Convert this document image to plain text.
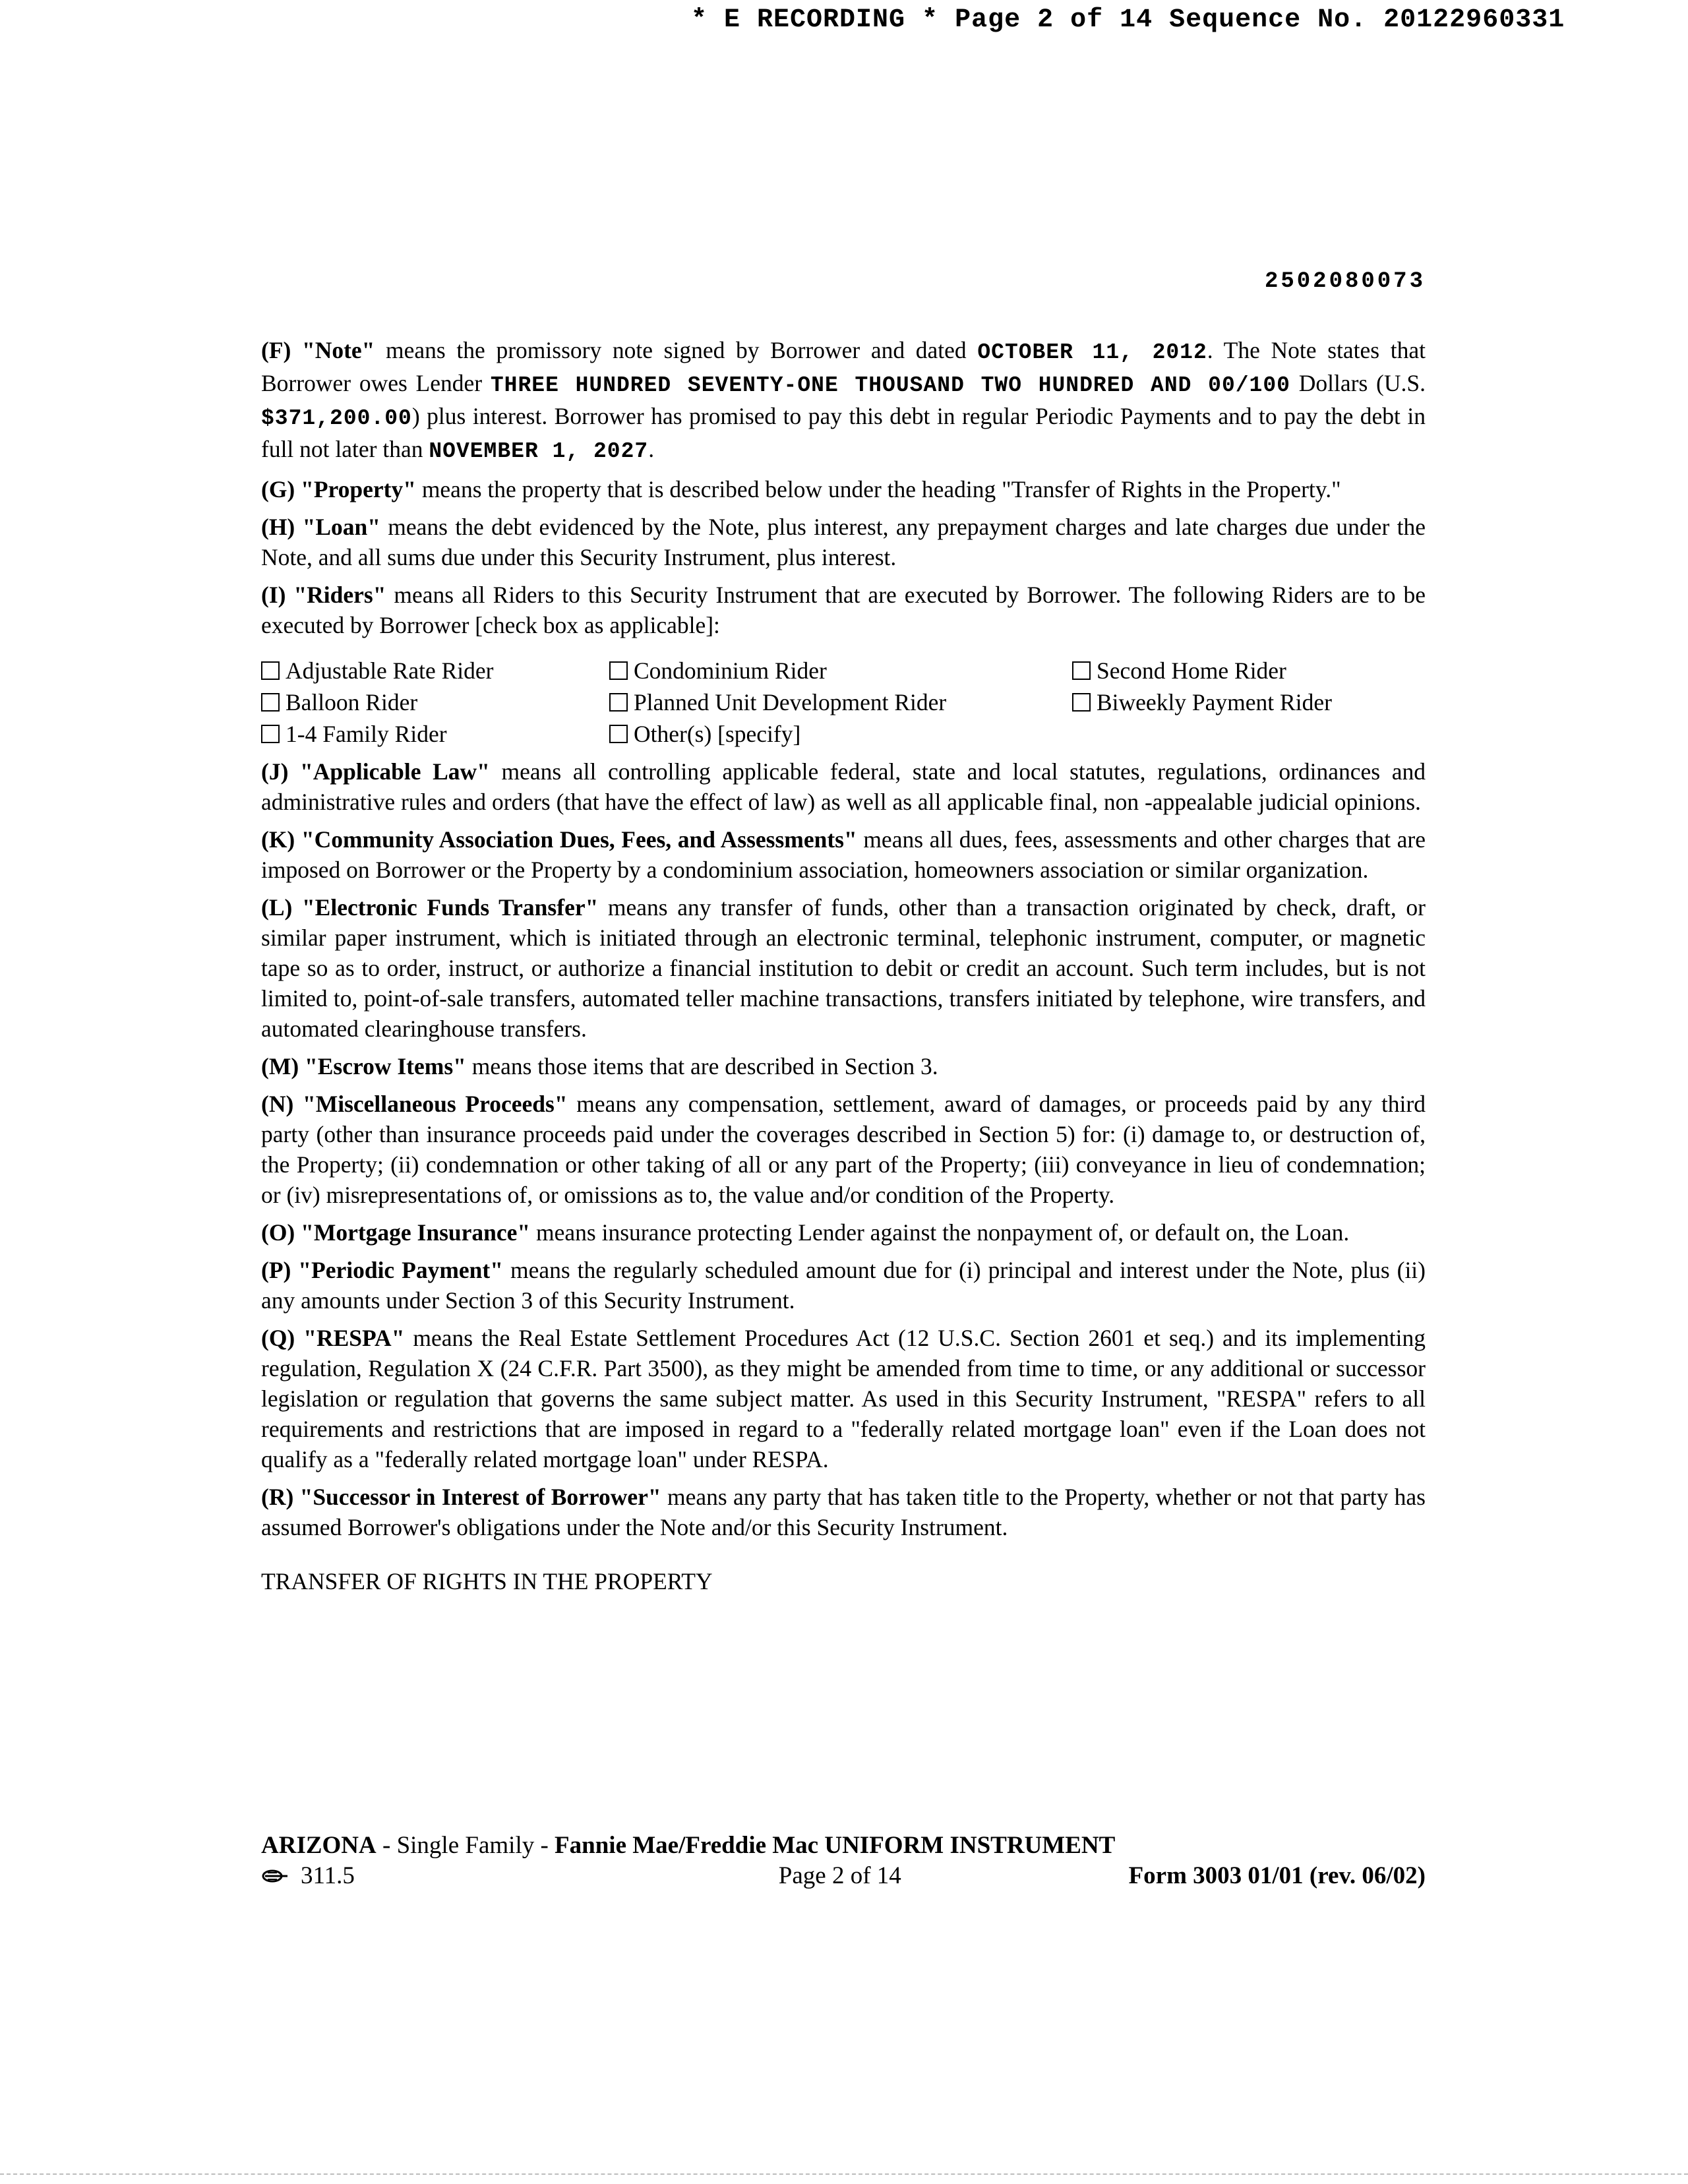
* E RECORDING * Page 2 of 14 Sequence No. 20122960331
2502080073

(F) "Note" means the promissory note signed by Borrower and dated OCTOBER 11, 2012. The Note states that Borrower owes Lender THREE HUNDRED SEVENTY-ONE THOUSAND TWO HUNDRED AND 00/100 Dollars (U.S. $371,200.00) plus interest. Borrower has promised to pay this debt in regular Periodic Payments and to pay the debt in full not later than NOVEMBER 1, 2027.

(G) "Property" means the property that is described below under the heading "Transfer of Rights in the Property."

(H) "Loan" means the debt evidenced by the Note, plus interest, any prepayment charges and late charges due under the Note, and all sums due under this Security Instrument, plus interest.

(I) "Riders" means all Riders to this Security Instrument that are executed by Borrower. The following Riders are to be executed by Borrower [check box as applicable]:

Adjustable Rate Rider	Condominium Rider	Second Home Rider
Balloon Rider	Planned Unit Development Rider	Biweekly Payment Rider
1-4 Family Rider	Other(s) [specify]

(J) "Applicable Law" means all controlling applicable federal, state and local statutes, regulations, ordinances and administrative rules and orders (that have the effect of law) as well as all applicable final, non -appealable judicial opinions.

(K) "Community Association Dues, Fees, and Assessments" means all dues, fees, assessments and other charges that are imposed on Borrower or the Property by a condominium association, homeowners association or similar organization.

(L) "Electronic Funds Transfer" means any transfer of funds, other than a transaction originated by check, draft, or similar paper instrument, which is initiated through an electronic terminal, telephonic instrument, computer, or magnetic tape so as to order, instruct, or authorize a financial institution to debit or credit an account. Such term includes, but is not limited to, point-of-sale transfers, automated teller machine transactions, transfers initiated by telephone, wire transfers, and automated clearinghouse transfers.

(M) "Escrow Items" means those items that are described in Section 3.

(N) "Miscellaneous Proceeds" means any compensation, settlement, award of damages, or proceeds paid by any third party (other than insurance proceeds paid under the coverages described in Section 5) for: (i) damage to, or destruction of, the Property; (ii) condemnation or other taking of all or any part of the Property; (iii) conveyance in lieu of condemnation; or (iv) misrepresentations of, or omissions as to, the value and/or condition of the Property.

(O) "Mortgage Insurance" means insurance protecting Lender against the nonpayment of, or default on, the Loan.

(P) "Periodic Payment" means the regularly scheduled amount due for (i) principal and interest under the Note, plus (ii) any amounts under Section 3 of this Security Instrument.

(Q) "RESPA" means the Real Estate Settlement Procedures Act (12 U.S.C. Section 2601 et seq.) and its implementing regulation, Regulation X (24 C.F.R. Part 3500), as they might be amended from time to time, or any additional or successor legislation or regulation that governs the same subject matter. As used in this Security Instrument, "RESPA" refers to all requirements and restrictions that are imposed in regard to a "federally related mortgage loan" even if the Loan does not qualify as a "federally related mortgage loan" under RESPA.

(R) "Successor in Interest of Borrower" means any party that has taken title to the Property, whether or not that party has assumed Borrower's obligations under the Note and/or this Security Instrument.

TRANSFER OF RIGHTS IN THE PROPERTY

ARIZONA - Single Family - Fannie Mae/Freddie Mac UNIFORM INSTRUMENT
311.5	Page 2 of 14	Form 3003 01/01 (rev. 06/02)
